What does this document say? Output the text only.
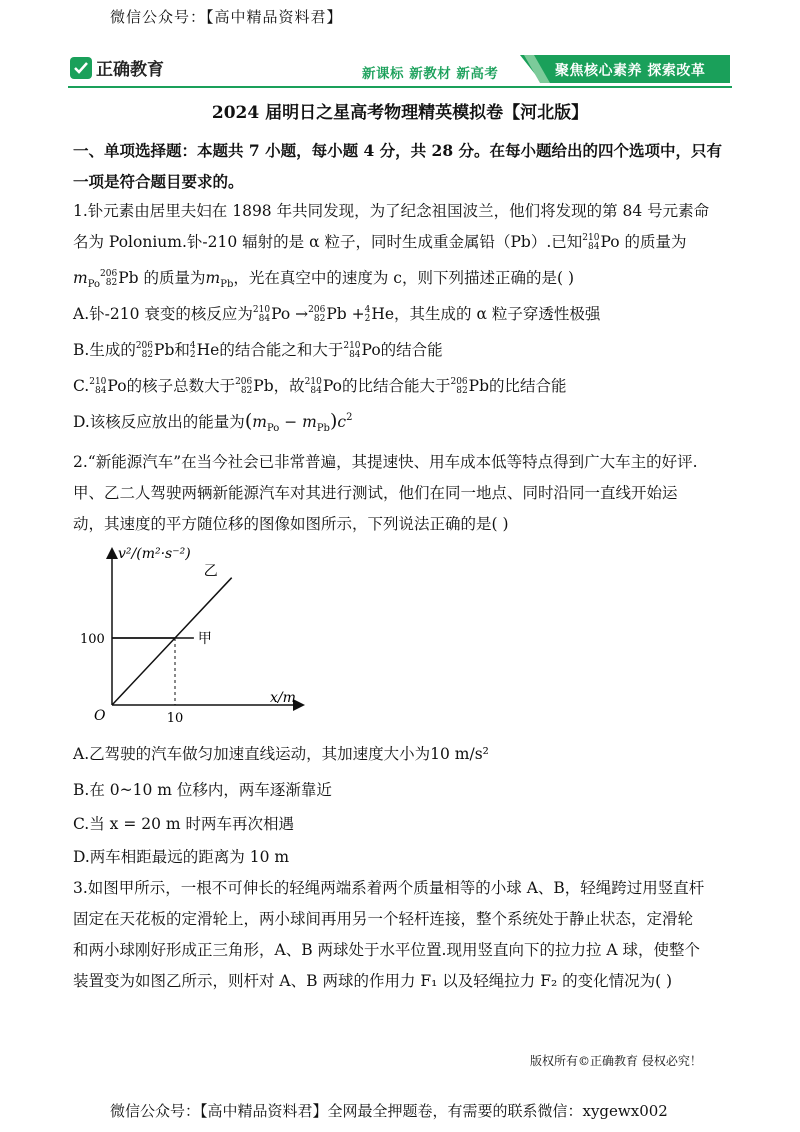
微信公众号：【高中精品资料君】
正确教育	新课标 新教材 新高考	聚焦核心素养 探索改革
2024 届明日之星高考物理精英模拟卷【河北版】
一、单项选择题：本题共 7 小题，每小题 4 分，共 28 分。在每小题给出的四个选项中，只有一项是符合题目要求的。
1.钋元素由居里夫妇在 1898 年共同发现，为了纪念祖国波兰，他们将发现的第 84 号元素命
名为 Polonium.钋-210 辐射的是 α 粒子，同时生成重金属铅（Pb）.已知 210
84 Po 的质量为
$m_{Po}$
206
82 Pb 的质量为$m_{Pb}$，光在真空中的速度为 c，则下列描述正确的是( )
A.钋-210 衰变的核反应为 210
84 Po → 206
82 Pb + 4
2 He，其生成的 α 粒子穿透性极强
B.生成的 206
82 Pb和 4
2 He的结合能之和大于 210
84 Po的结合能
C. 210
84 Po的核子总数大于 206
82 Pb，故 210
84 Po的比结合能大于 206
82 Pb的比结合能
D.该核反应放出的能量为$(m_{Po} - m_{Pb})c^2$
2.“新能源汽车”在当今社会已非常普遍，其提速快、用车成本低等特点得到广大车主的好评.
甲、乙二人驾驶两辆新能源汽车对其进行测试，他们在同一地点、同时沿同一直线开始运
动，其速度的平方随位移的图像如图所示，下列说法正确的是( )
v²/(m²·s⁻²)
x/m
O	10
100	甲
乙
A.乙驾驶的汽车做匀加速直线运动，其加速度大小为10 m/s²
B.在 0~10 m 位移内，两车逐渐靠近
C.当 x = 20 m 时两车再次相遇
D.两车相距最远的距离为 10 m
3.如图甲所示，一根不可伸长的轻绳两端系着两个质量相等的小球 A、B，轻绳跨过用竖直杆
固定在天花板的定滑轮上，两小球间再用另一个轻杆连接，整个系统处于静止状态，定滑轮
和两小球刚好形成正三角形，A、B 两球处于水平位置.现用竖直向下的拉力拉 A 球，使整个
装置变为如图乙所示，则杆对 A、B 两球的作用力 F₁ 以及轻绳拉力 F₂ 的变化情况为( )
版权所有©正确教育 侵权必究！
微信公众号：【高中精品资料君】全网最全押题卷，有需要的联系微信：xygewx002
